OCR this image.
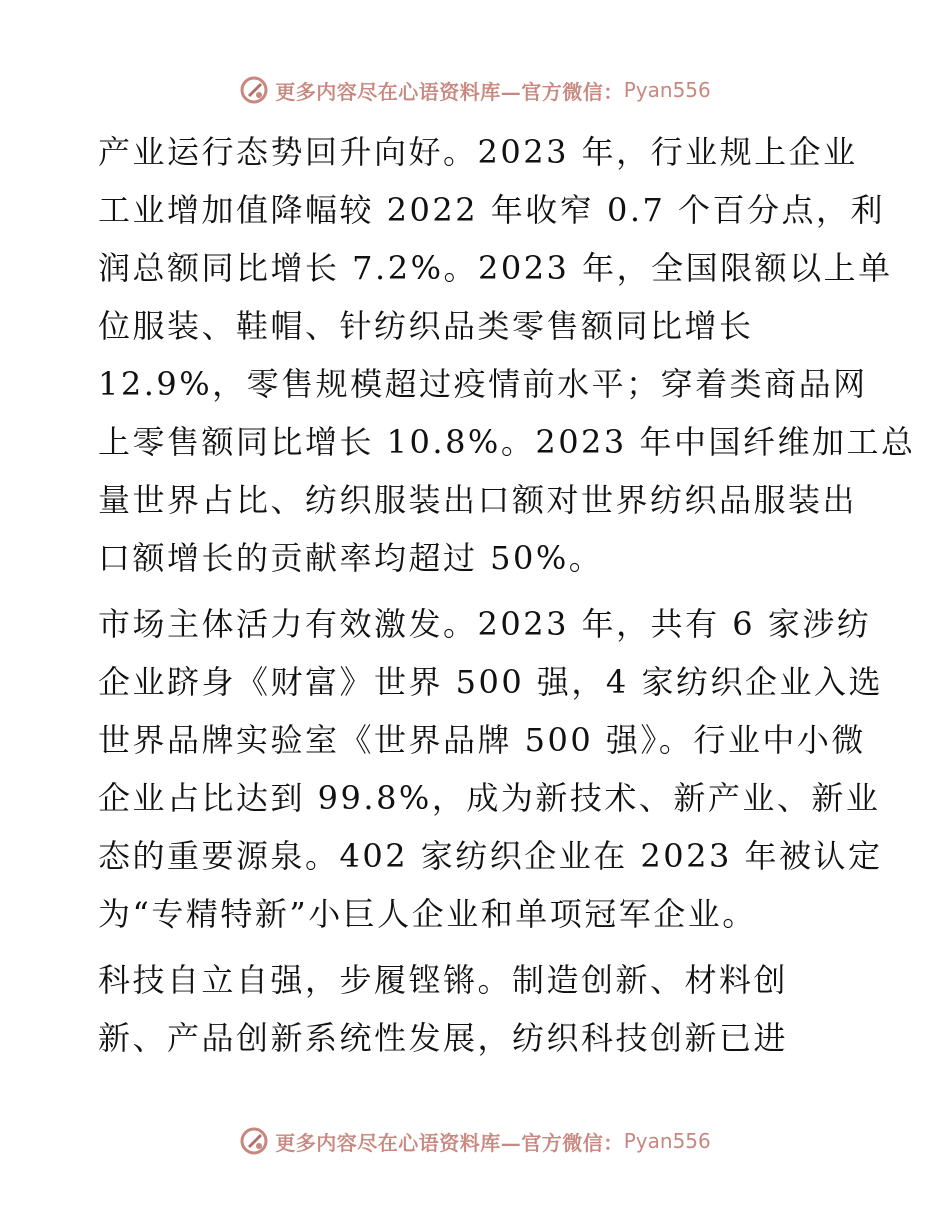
更多内容尽在心语资料库—官方微信： Pyan556

产业运行态势回升向好。2023 年，行业规上企业
工业增加值降幅较 2022 年收窄 0.7 个百分点，利
润总额同比增长 7.2%。2023 年，全国限额以上单
位服装、鞋帽、针纺织品类零售额同比增长
12.9%，零售规模超过疫情前水平；穿着类商品网
上零售额同比增长 10.8%。2023 年中国纤维加工总
量世界占比、纺织服装出口额对世界纺织品服装出
口额增长的贡献率均超过 50%。

市场主体活力有效激发。2023 年，共有 6 家涉纺
企业跻身《财富》世界 500 强，4 家纺织企业入选
世界品牌实验室《世界品牌 500 强》。行业中小微
企业占比达到 99.8%，成为新技术、新产业、新业
态的重要源泉。402 家纺织企业在 2023 年被认定
为“专精特新”小巨人企业和单项冠军企业。

科技自立自强，步履铿锵。制造创新、材料创
新、产品创新系统性发展，纺织科技创新已进

更多内容尽在心语资料库—官方微信： Pyan556
